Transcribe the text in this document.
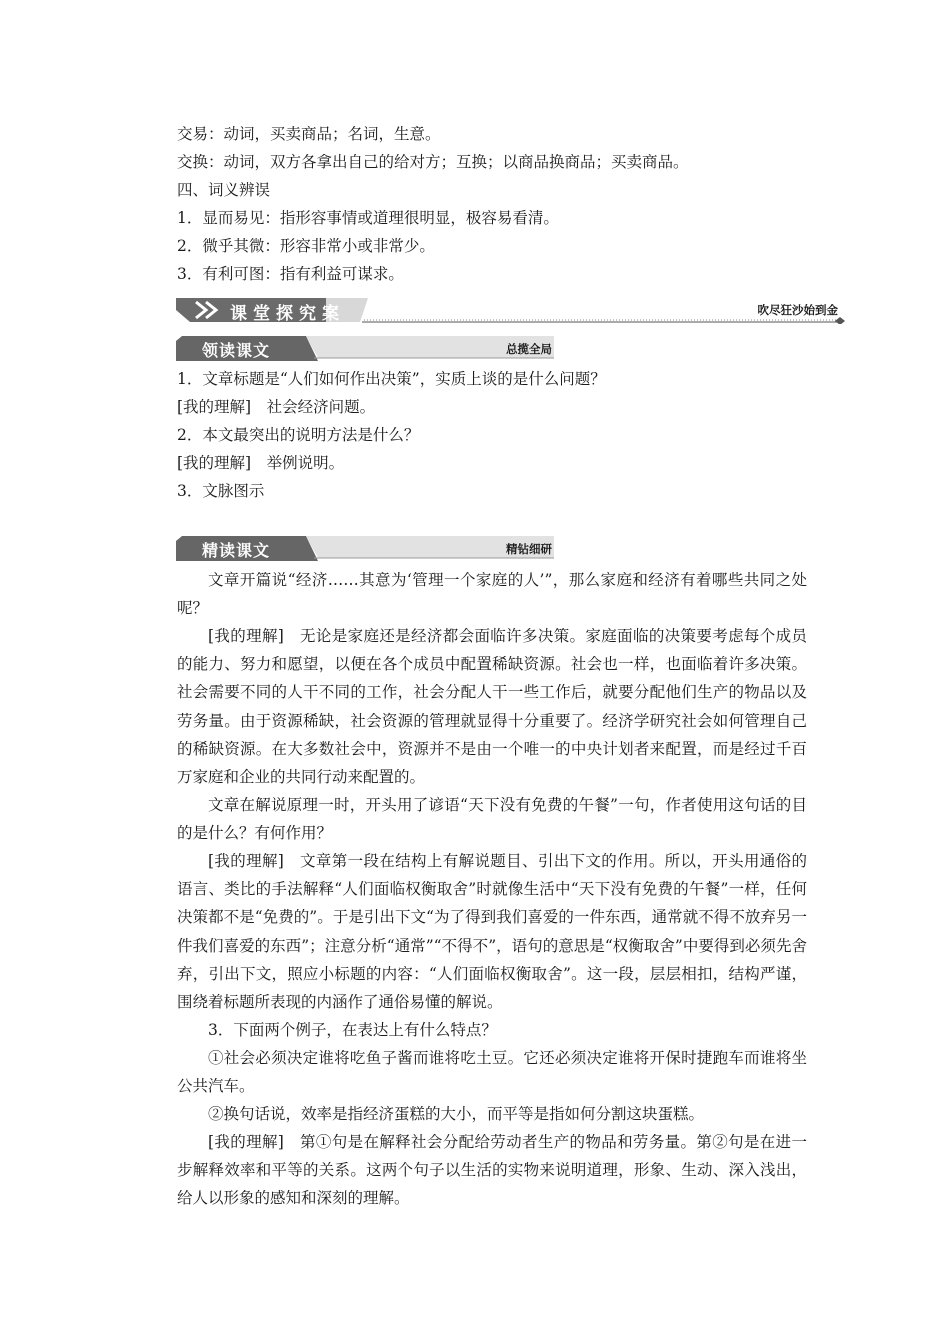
交易：动词，买卖商品；名词，生意。
交换：动词，双方各拿出自己的给对方；互换；以商品换商品；买卖商品。
四、词义辨误
1．显而易见：指形容事情或道理很明显，极容易看清。
2．微乎其微：形容非常小或非常少。
3．有利可图：指有利益可谋求。
课堂探究案	吹尽狂沙始到金
领读课文	总揽全局
1．文章标题是“人们如何作出决策”，实质上谈的是什么问题？
[我的理解]　社会经济问题。
2．本文最突出的说明方法是什么？
[我的理解]　举例说明。
3．文脉图示
精读课文	精钻细研
文章开篇说“经济……其意为‘管理一个家庭的人’”，那么家庭和经济有着哪些共同之处呢？
[我的理解]　无论是家庭还是经济都会面临许多决策。家庭面临的决策要考虑每个成员的能力、努力和愿望，以便在各个成员中配置稀缺资源。社会也一样，也面临着许多决策。社会需要不同的人干不同的工作，社会分配人干一些工作后，就要分配他们生产的物品以及劳务量。由于资源稀缺，社会资源的管理就显得十分重要了。经济学研究社会如何管理自己的稀缺资源。在大多数社会中，资源并不是由一个唯一的中央计划者来配置，而是经过千百万家庭和企业的共同行动来配置的。
文章在解说原理一时，开头用了谚语“天下没有免费的午餐”一句，作者使用这句话的目的是什么？有何作用？
[我的理解]　文章第一段在结构上有解说题目、引出下文的作用。所以，开头用通俗的语言、类比的手法解释“人们面临权衡取舍”时就像生活中“天下没有免费的午餐”一样，任何决策都不是“免费的”。于是引出下文“为了得到我们喜爱的一件东西，通常就不得不放弃另一件我们喜爱的东西”；注意分析“通常”“不得不”，语句的意思是“权衡取舍”中要得到必须先舍弃，引出下文，照应小标题的内容：“人们面临权衡取舍”。这一段，层层相扣，结构严谨，围绕着标题所表现的内涵作了通俗易懂的解说。
3．下面两个例子，在表达上有什么特点？
①社会必须决定谁将吃鱼子酱而谁将吃土豆。它还必须决定谁将开保时捷跑车而谁将坐公共汽车。
②换句话说，效率是指经济蛋糕的大小，而平等是指如何分割这块蛋糕。
[我的理解]　第①句是在解释社会分配给劳动者生产的物品和劳务量。第②句是在进一步解释效率和平等的关系。这两个句子以生活的实物来说明道理，形象、生动、深入浅出，给人以形象的感知和深刻的理解。
